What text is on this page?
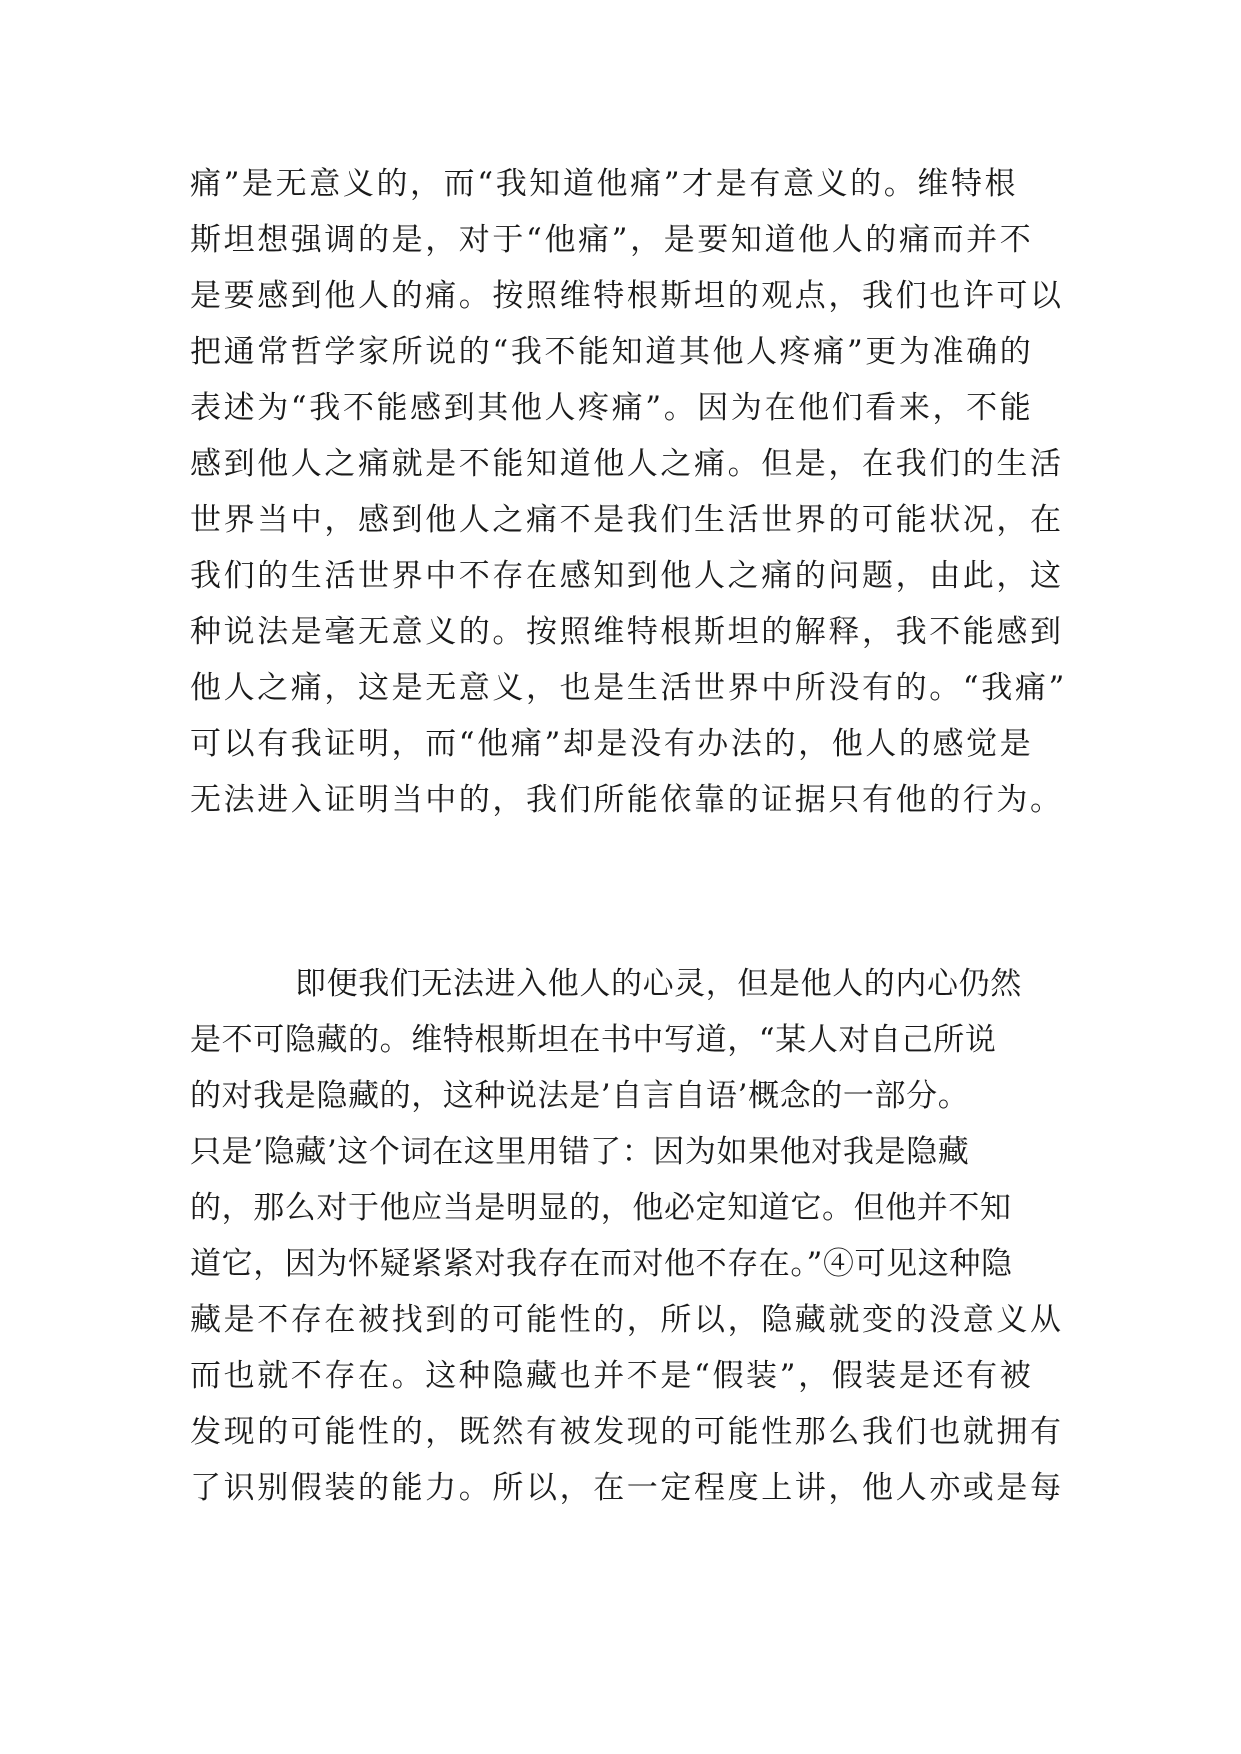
痛”是无意义的，而“我知道他痛”才是有意义的。维特根
斯坦想强调的是，对于“他痛”，是要知道他人的痛而并不
是要感到他人的痛。按照维特根斯坦的观点，我们也许可以
把通常哲学家所说的“我不能知道其他人疼痛”更为准确的
表述为“我不能感到其他人疼痛”。因为在他们看来，不能
感到他人之痛就是不能知道他人之痛。但是，在我们的生活
世界当中，感到他人之痛不是我们生活世界的可能状况，在
我们的生活世界中不存在感知到他人之痛的问题，由此，这
种说法是毫无意义的。按照维特根斯坦的解释，我不能感到
他人之痛，这是无意义，也是生活世界中所没有的。“我痛”
可以有我证明，而“他痛”却是没有办法的，他人的感觉是
无法进入证明当中的，我们所能依靠的证据只有他的行为。
即便我们无法进入他人的心灵，但是他人的内心仍然
是不可隐藏的。维特根斯坦在书中写道，“某人对自己所说
的对我是隐藏的，这种说法是’自言自语’概念的一部分。
只是’隐藏’这个词在这里用错了：因为如果他对我是隐藏
的，那么对于他应当是明显的，他必定知道它。但他并不知
道它，因为怀疑紧紧对我存在而对他不存在。”④可见这种隐
藏是不存在被找到的可能性的，所以，隐藏就变的没意义从
而也就不存在。这种隐藏也并不是“假装”，假装是还有被
发现的可能性的，既然有被发现的可能性那么我们也就拥有
了识别假装的能力。所以，在一定程度上讲，他人亦或是每
